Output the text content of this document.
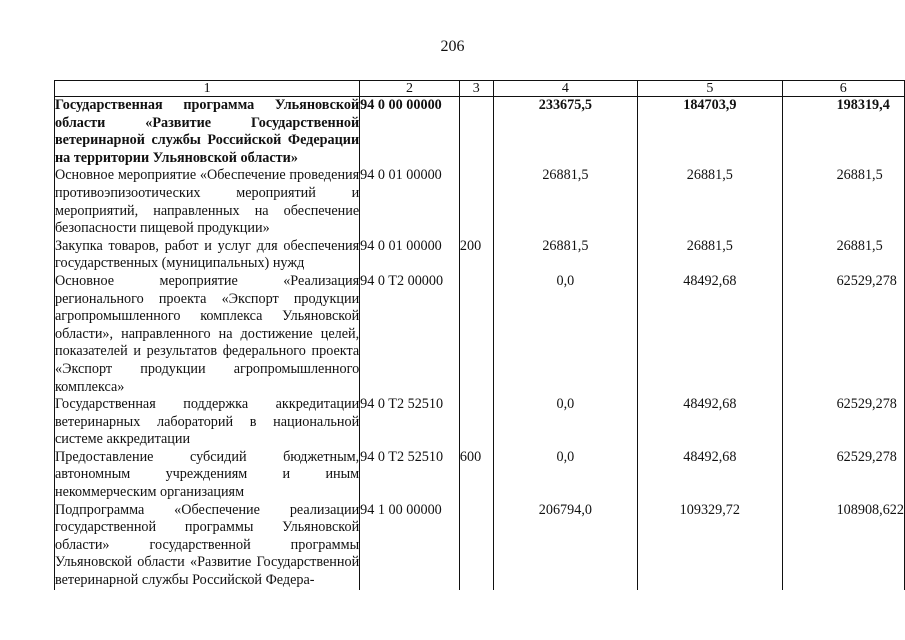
206
1	2	3	4	5	6
Государственная программа Ульяновской области «Развитие Государственной ветеринарной службы Российской Федерации на территории Ульяновской области»	94 0 00 00000		233675,5	184703,9	198319,4
Основное мероприятие «Обеспечение проведения противоэпизоотических мероприятий и мероприятий, направленных на обеспечение безопасности пищевой продукции»	94 0 01 00000		26881,5	26881,5	26881,5
Закупка товаров, работ и услуг для обеспечения государственных (муниципальных) нужд	94 0 01 00000	200	26881,5	26881,5	26881,5
Основное мероприятие «Реализация регионального проекта «Экспорт продукции агропромышленного комплекса Ульяновской области», направленного на достижение целей, показателей и результатов федерального проекта «Экспорт продукции агропромышленного комплекса»	94 0 T2 00000		0,0	48492,68	62529,278
Государственная поддержка аккредитации ветеринарных лабораторий в национальной системе аккредитации	94 0 T2 52510		0,0	48492,68	62529,278
Предоставление субсидий бюджетным, автономным учреждениям и иным некоммерческим организациям	94 0 T2 52510	600	0,0	48492,68	62529,278
Подпрограмма «Обеспечение реализации государственной программы Ульяновской области» государственной программы Ульяновской области «Развитие Государственной ветеринарной службы Российской Федера-	94 1 00 00000		206794,0	109329,72	108908,622
